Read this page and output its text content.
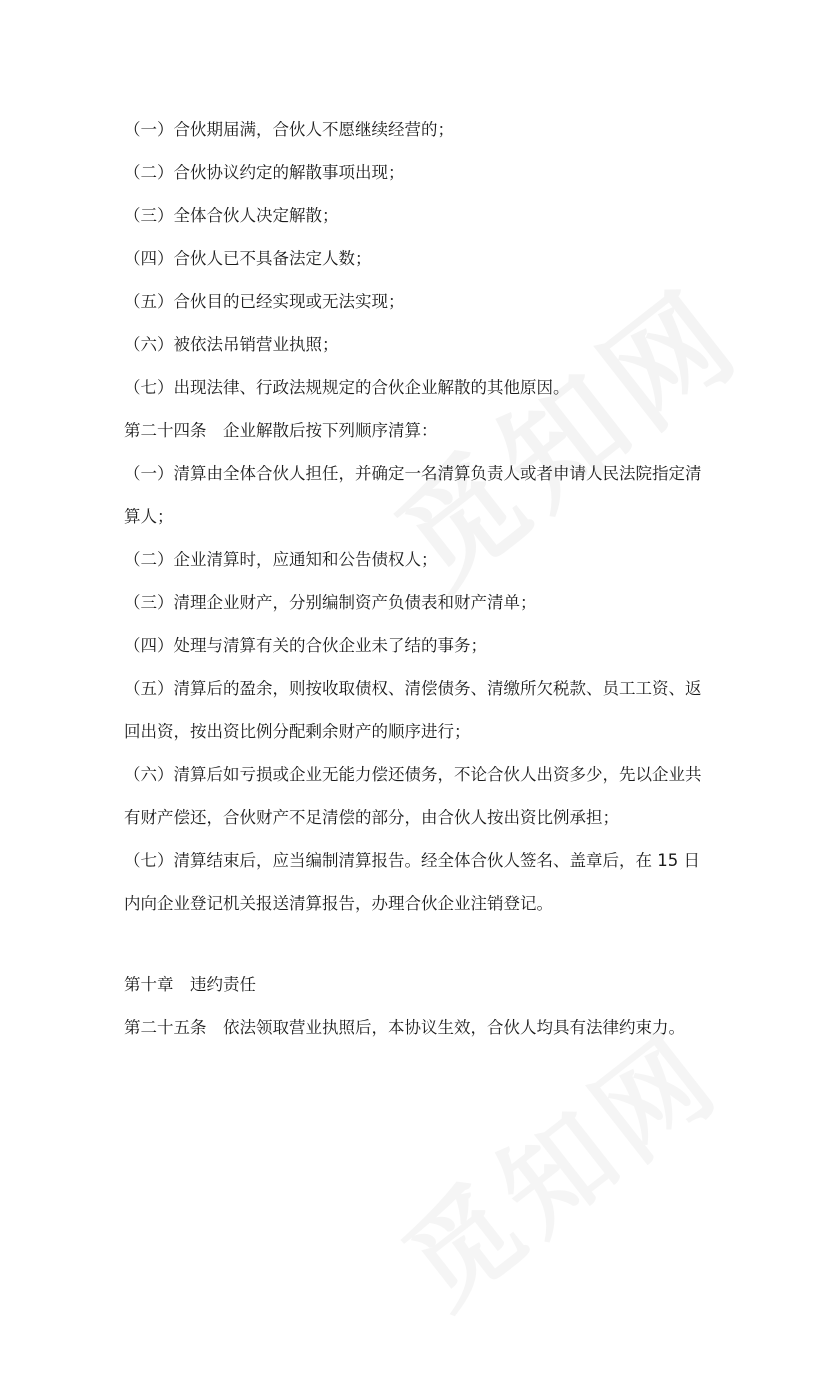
（一）合伙期届满，合伙人不愿继续经营的；
（二）合伙协议约定的解散事项出现；
（三）全体合伙人决定解散；
（四）合伙人已不具备法定人数；
（五）合伙目的已经实现或无法实现；
（六）被依法吊销营业执照；
（七）出现法律、行政法规规定的合伙企业解散的其他原因。
第二十四条　企业解散后按下列顺序清算：
（一）清算由全体合伙人担任，并确定一名清算负责人或者申请人民法院指定清
算人；
（二）企业清算时，应通知和公告债权人；
（三）清理企业财产，分别编制资产负债表和财产清单；
（四）处理与清算有关的合伙企业未了结的事务；
（五）清算后的盈余，则按收取债权、清偿债务、清缴所欠税款、员工工资、返
回出资，按出资比例分配剩余财产的顺序进行；
（六）清算后如亏损或企业无能力偿还债务，不论合伙人出资多少，先以企业共
有财产偿还，合伙财产不足清偿的部分，由合伙人按出资比例承担；
（七）清算结束后，应当编制清算报告。经全体合伙人签名、盖章后，在 15 日
内向企业登记机关报送清算报告，办理合伙企业注销登记。
第十章　违约责任
第二十五条　依法领取营业执照后，本协议生效，合伙人均具有法律约束力。
